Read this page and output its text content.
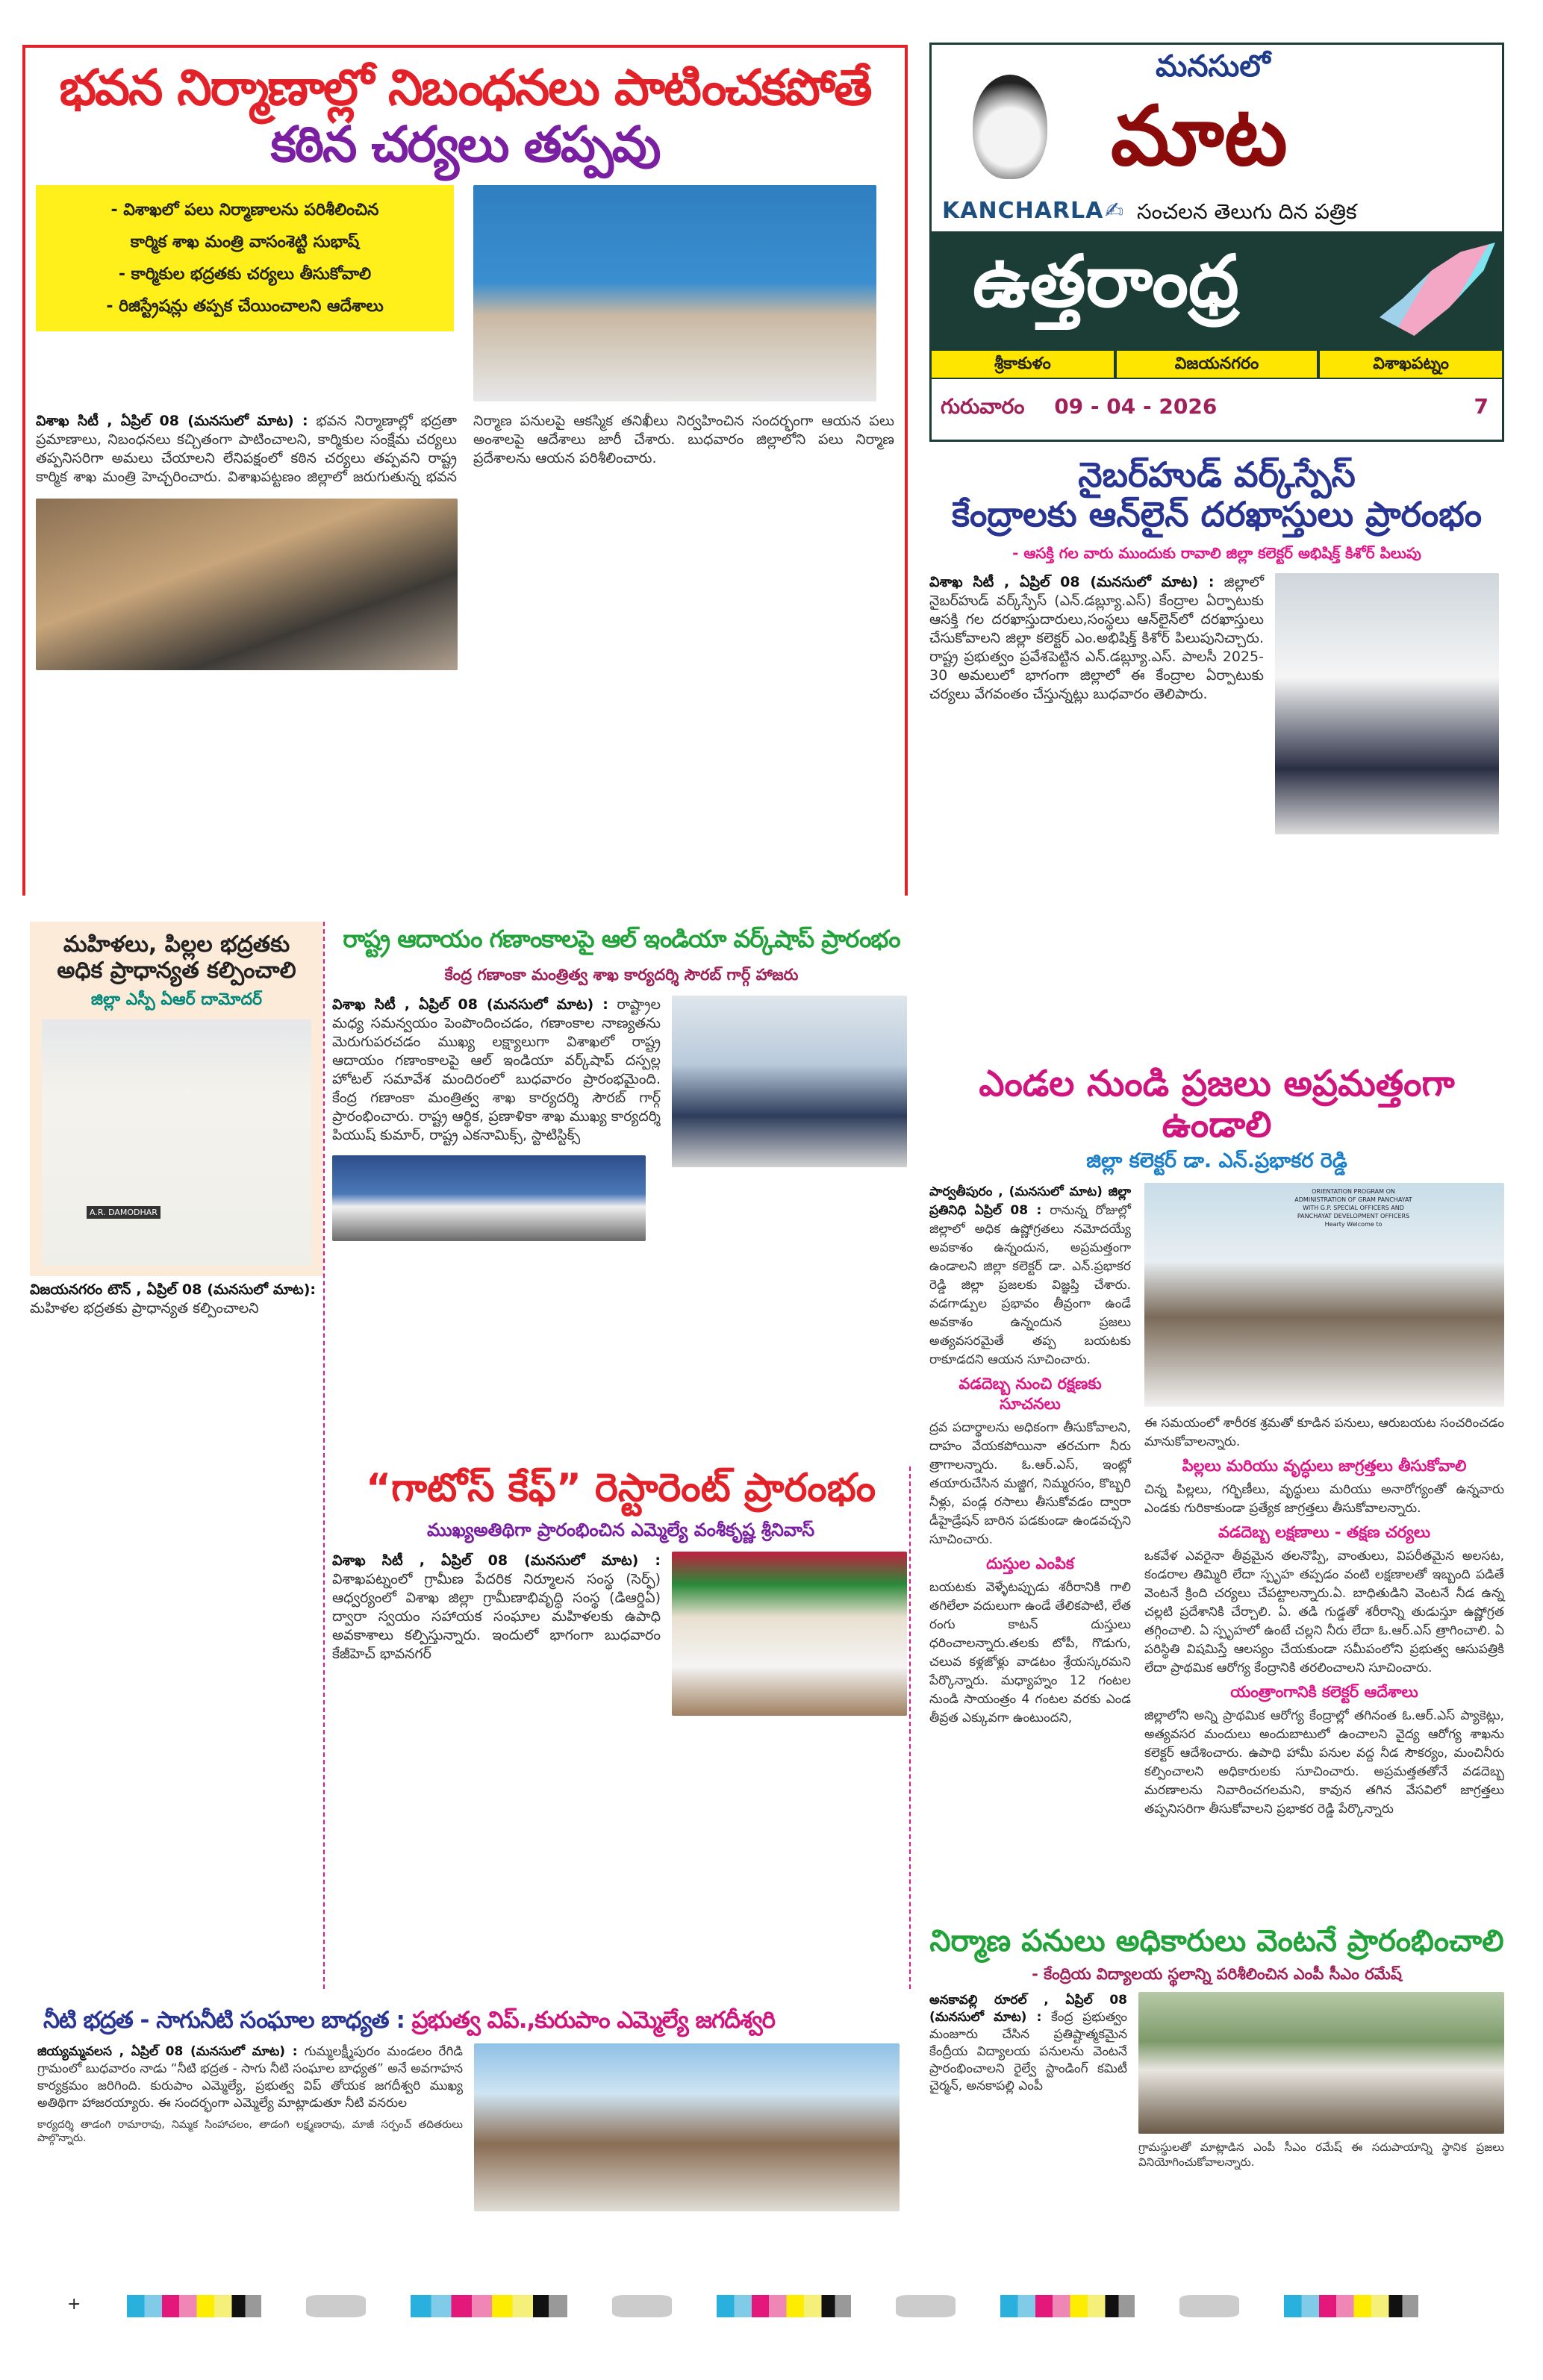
భవన నిర్మాణాల్లో నిబంధనలు పాటించకపోతే కఠిన చర్యలు తప్పవు
- విశాఖలో పలు నిర్మాణాలను పరిశీలించిన
కార్మిక శాఖ మంత్రి వాసంశెట్టి సుభాష్
- కార్మికుల భద్రతకు చర్యలు తీసుకోవాలి
- రిజిస్ట్రేషన్లు తప్పక చేయించాలని ఆదేశాలు
విశాఖ సిటీ , ఏప్రిల్ 08 (మనసులో మాట) : భవన నిర్మాణాల్లో భద్రతా ప్రమాణాలు, నిబంధనలు కచ్చితంగా పాటించాలని, కార్మికుల సంక్షేమ చర్యలు తప్పనిసరిగా అమలు చేయాలని లేనిపక్షంలో కఠిన చర్యలు తప్పవని రాష్ట్ర కార్మిక శాఖ మంత్రి హెచ్చరించారు. విశాఖపట్టణం జిల్లాలో జరుగుతున్న భవన నిర్మాణ పనులపై ఆకస్మిక తనిఖీలు నిర్వహించిన సందర్భంగా ఆయన పలు అంశాలపై ఆదేశాలు జారీ చేశారు. బుధవారం జిల్లాలోని పలు నిర్మాణ ప్రదేశాలను ఆయన పరిశీలించారు.
KANCHARLA
మనసులో
మాట
✍ సంచలన తెలుగు దిన పత్రిక
ఉత్తరాంధ్ర
శ్రీకాకుళం	విజయనగరం	విశాఖపట్నం
గురువారం 09 - 04 - 2026	7
నైబర్‌హుడ్ వర్క్‌స్పేస్
కేంద్రాలకు ఆన్‌లైన్ దరఖాస్తులు ప్రారంభం
- ఆసక్తి గల వారు ముందుకు రావాలి జిల్లా కలెక్టర్ అభిషిక్త్ కిశోర్ పిలుపు
విశాఖ సిటీ , ఏప్రిల్ 08 (మనసులో మాట) : జిల్లాలో నైబర్‌హుడ్ వర్క్‌స్పేస్ (ఎన్.డబ్ల్యూ.ఎస్) కేంద్రాల ఏర్పాటుకు ఆసక్తి గల దరఖాస్తుదారులు,సంస్థలు ఆన్‌లైన్‌లో దరఖాస్తులు చేసుకోవాలని జిల్లా కలెక్టర్ ఎం.అభిషిక్త్ కిశోర్ పిలుపునిచ్చారు. రాష్ట్ర ప్రభుత్వం ప్రవేశపెట్టిన ఎన్.డబ్ల్యూ.ఎస్. పాలసీ 2025-30 అమలులో భాగంగా జిల్లాలో ఈ కేంద్రాల ఏర్పాటుకు చర్యలు వేగవంతం చేస్తున్నట్లు బుధవారం తెలిపారు.
మహిళలు, పిల్లల భద్రతకు అధిక ప్రాధాన్యత కల్పించాలి
జిల్లా ఎస్పీ ఏఆర్ దామోదర్
A.R. DAMODHAR
విజయనగరం టౌన్ , ఏప్రిల్ 08 (మనసులో మాట): మహిళల భద్రతకు ప్రాధాన్యత కల్పించాలని
రాష్ట్ర ఆదాయం గణాంకాలపై ఆల్ ఇండియా వర్క్‌షాప్ ప్రారంభం
కేంద్ర గణాంకా మంత్రిత్వ శాఖ కార్యదర్శి సౌరబ్ గార్గ్ హాజరు
విశాఖ సిటీ , ఏప్రిల్ 08 (మనసులో మాట) : రాష్ట్రాల మధ్య సమన్వయం పెంపొందించడం, గణాంకాల నాణ్యతను మెరుగుపరచడం ముఖ్య లక్ష్యాలుగా విశాఖలో రాష్ట్ర ఆదాయం గణాంకాలపై ఆల్ ఇండియా వర్క్‌షాప్ దస్పల్ల హోటల్ సమావేశ మందిరంలో బుధవారం ప్రారంభమైంది. కేంద్ర గణాంకా మంత్రిత్వ శాఖ కార్యదర్శి సౌరబ్ గార్గ్ ప్రారంభించారు. రాష్ట్ర ఆర్థిక, ప్రణాళికా శాఖ ముఖ్య కార్యదర్శి పియుష్ కుమార్, రాష్ట్ర ఎకనామిక్స్, స్టాటిస్టిక్స్
“గాటోస్ కేఫ్” రెస్టారెంట్ ప్రారంభం
ముఖ్యఅతిథిగా ప్రారంభించిన ఎమ్మెల్యే వంశీకృష్ణ శ్రీనివాస్
విశాఖ సిటీ , ఏప్రిల్ 08 (మనసులో మాట) : విశాఖపట్నంలో గ్రామీణ పేదరిక నిర్మూలన సంస్థ (సెర్ఫ్) ఆధ్వర్యంలో విశాఖ జిల్లా గ్రామీణాభివృద్ధి సంస్థ (డిఆర్డిఏ) ద్వారా స్వయం సహాయక సంఘాల మహిళలకు ఉపాధి అవకాశాలు కల్పిస్తున్నారు. ఇందులో భాగంగా బుధవారం కేజీహెచ్ భావనగర్
ఎండల నుండి ప్రజలు అప్రమత్తంగా ఉండాలి
జిల్లా కలెక్టర్ డా. ఎన్.ప్రభాకర రెడ్డి
పార్వతీపురం , (మనసులో మాట) జిల్లా ప్రతినిధి ఏప్రిల్ 08 : రానున్న రోజుల్లో జిల్లాలో అధిక ఉష్ణోగ్రతలు నమోదయ్యే అవకాశం ఉన్నందున, అప్రమత్తంగా ఉండాలని జిల్లా కలెక్టర్ డా. ఎన్.ప్రభాకర రెడ్డి జిల్లా ప్రజలకు విజ్ఞప్తి చేశారు. వడగాడ్పుల ప్రభావం తీవ్రంగా ఉండే అవకాశం ఉన్నందున ప్రజలు అత్యవసరమైతే తప్ప బయటకు రాకూడదని ఆయన సూచించారు.
వడదెబ్బ నుంచి రక్షణకు సూచనలు
ద్రవ పదార్థాలను అధికంగా తీసుకోవాలని, దాహం వేయకపోయినా తరచుగా నీరు త్రాగాలన్నారు. ఓ.ఆర్.ఎస్, ఇంట్లో తయారుచేసిన మజ్జిగ, నిమ్మరసం, కొబ్బరి నీళ్లు, పండ్ల రసాలు తీసుకోవడం ద్వారా డీహైడ్రేషన్ బారిన పడకుండా ఉండవచ్చని సూచించారు.
దుస్తుల ఎంపిక
బయటకు వెళ్ళేటప్పుడు శరీరానికి గాలి తగిలేలా వదులుగా ఉండే తేలికపాటి, లేత రంగు కాటన్ దుస్తులు ధరించాలన్నారు.తలకు టోపీ, గొడుగు, చలువ కళ్లజోళ్లు వాడటం శ్రేయస్కరమని పేర్కొన్నారు. మధ్యాహ్నం 12 గంటల నుండి సాయంత్రం 4 గంటల వరకు ఎండ తీవ్రత ఎక్కువగా ఉంటుందని,
ORIENTATION PROGRAM ON
ADMINISTRATION OF GRAM PANCHAYAT
WITH G.P. SPECIAL OFFICERS AND
PANCHAYAT DEVELOPMENT OFFICERS
Hearty Welcome to
ఈ సమయంలో శారీరక శ్రమతో కూడిన పనులు, ఆరుబయట సంచరించడం మానుకోవాలన్నారు.
పిల్లలు మరియు వృద్ధులు జాగ్రత్తలు తీసుకోవాలి
చిన్న పిల్లలు, గర్భిణీలు, వృద్ధులు మరియు అనారోగ్యంతో ఉన్నవారు ఎండకు గురికాకుండా ప్రత్యేక జాగ్రత్తలు తీసుకోవాలన్నారు.
వడదెబ్బ లక్షణాలు - తక్షణ చర్యలు
ఒకవేళ ఎవరైనా తీవ్రమైన తలనొప్పి, వాంతులు, విపరీతమైన అలసట, కండరాల తిమ్మిరి లేదా స్పృహ తప్పడం వంటి లక్షణాలతో ఇబ్బంది పడితే వెంటనే క్రింది చర్యలు చేపట్టాలన్నారు.ఏ. బాధితుడిని వెంటనే నీడ ఉన్న చల్లటి ప్రదేశానికి చేర్చాలి. ఏ. తడి గుడ్డతో శరీరాన్ని తుడుస్తూ ఉష్ణోగ్రత తగ్గించాలి. ఏ స్పృహలో ఉంటే చల్లని నీరు లేదా ఓ.ఆర్.ఎస్ త్రాగించాలి. ఏ పరిస్థితి విషమిస్తే ఆలస్యం చేయకుండా సమీపంలోని ప్రభుత్వ ఆసుపత్రికి లేదా ప్రాథమిక ఆరోగ్య కేంద్రానికి తరలించాలని సూచించారు.
యంత్రాంగానికి కలెక్టర్ ఆదేశాలు
జిల్లాలోని అన్ని ప్రాథమిక ఆరోగ్య కేంద్రాల్లో తగినంత ఓ.ఆర్.ఎస్ ప్యాకెట్లు, అత్యవసర మందులు అందుబాటులో ఉంచాలని వైద్య ఆరోగ్య శాఖను కలెక్టర్ ఆదేశించారు. ఉపాధి హామీ పనుల వద్ద నీడ సౌకర్యం, మంచినీరు కల్పించాలని అధికారులకు సూచించారు. అప్రమత్తతతోనే వడదెబ్బ మరణాలను నివారించగలమని, కావున తగిన వేసవిలో జాగ్రత్తలు తప్పనిసరిగా తీసుకోవాలని ప్రభాకర రెడ్డి పేర్కొన్నారు
నిర్మాణ పనులు అధికారులు వెంటనే ప్రారంభించాలి
- కేంద్రియ విద్యాలయ స్థలాన్ని పరిశీలించిన ఎంపీ సీఎం రమేష్
అనకావల్లి రూరల్ , ఏప్రిల్ 08 (మనసులో మాట) : కేంద్ర ప్రభుత్వం మంజూరు చేసిన ప్రతిష్టాత్మకమైన కేంద్రీయ విద్యాలయ పనులను వెంటనే ప్రారంభించాలని రైల్వే స్టాండింగ్ కమిటీ చైర్మన్, అనకాపల్లి ఎంపీ
గ్రామస్థులతో మాట్లాడిన ఎంపీ సీఎం రమేష్ ఈ సదుపాయాన్ని స్థానిక ప్రజలు వినియోగించుకోవాలన్నారు.
నీటి భద్రత - సాగునీటి సంఘాల బాధ్యత : ప్రభుత్వ విప్.,కురుపాం ఎమ్మెల్యే జగదీశ్వరి
జియ్యమ్మవలస , ఏప్రిల్ 08 (మనసులో మాట) : గుమ్మలక్ష్మీపురం మండలం రేగిడి గ్రామంలో బుధవారం నాడు “నీటి భద్రత - సాగు నీటి సంఘాల బాధ్యత” అనే అవగాహన కార్యక్రమం జరిగింది. కురుపాం ఎమ్మెల్యే, ప్రభుత్వ విప్ తోయక జగదీశ్వరి ముఖ్య అతిథిగా హాజరయ్యారు. ఈ సందర్భంగా ఎమ్మెల్యే మాట్లాడుతూ నీటి వనరుల
కార్యదర్శి తాడంగి రామారావు, నిమ్మక సింహాచలం, తాడంగి లక్ష్మణరావు, మాజీ సర్పంచ్ తదితరులు పాల్గొన్నారు.
+
